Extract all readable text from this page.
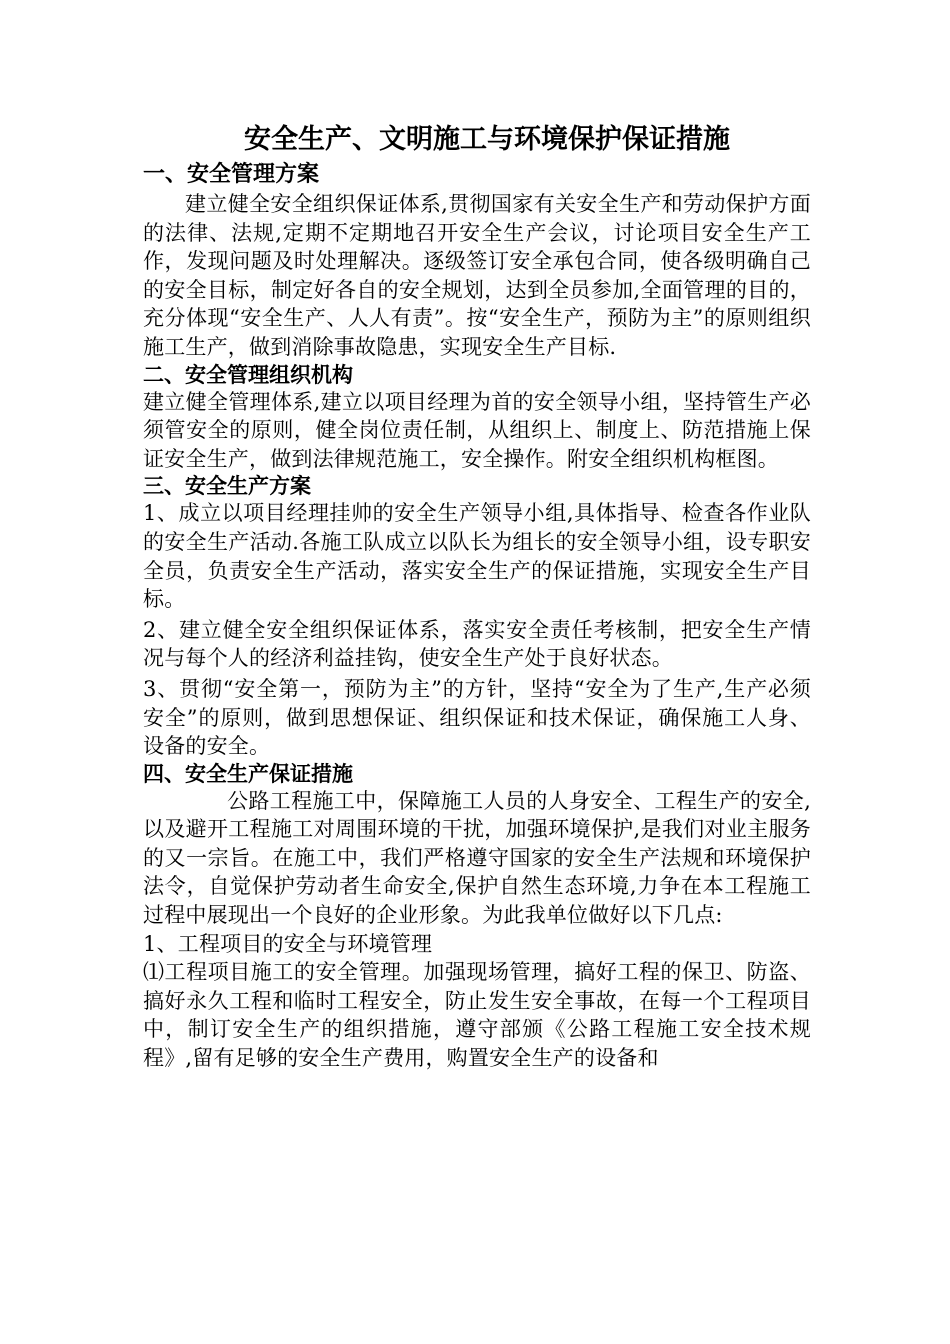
安全生产、文明施工与环境保护保证措施
一、安全管理方案

建立健全安全组织保证体系,贯彻国家有关安全生产和劳动保护方面的法律、法规,定期不定期地召开安全生产会议，讨论项目安全生产工作，发现问题及时处理解决。逐级签订安全承包合同，使各级明确自己的安全目标，制定好各自的安全规划，达到全员参加,全面管理的目的，充分体现“安全生产、人人有责”。按“安全生产，预防为主”的原则组织施工生产，做到消除事故隐患，实现安全生产目标.

二、安全管理组织机构

建立健全管理体系,建立以项目经理为首的安全领导小组，坚持管生产必须管安全的原则，健全岗位责任制，从组织上、制度上、防范措施上保证安全生产，做到法律规范施工，安全操作。附安全组织机构框图。

三、安全生产方案

1、成立以项目经理挂帅的安全生产领导小组,具体指导、检查各作业队的安全生产活动.各施工队成立以队长为组长的安全领导小组，设专职安全员，负责安全生产活动，落实安全生产的保证措施，实现安全生产目标。

2、建立健全安全组织保证体系，落实安全责任考核制，把安全生产情况与每个人的经济利益挂钩，使安全生产处于良好状态。

3、贯彻“安全第一，预防为主”的方针，坚持“安全为了生产,生产必须安全”的原则，做到思想保证、组织保证和技术保证，确保施工人身、设备的安全。

四、安全生产保证措施

公路工程施工中，保障施工人员的人身安全、工程生产的安全,以及避开工程施工对周围环境的干扰，加强环境保护,是我们对业主服务的又一宗旨。在施工中，我们严格遵守国家的安全生产法规和环境保护法令，自觉保护劳动者生命安全,保护自然生态环境,力争在本工程施工过程中展现出一个良好的企业形象。为此我单位做好以下几点:

1、工程项目的安全与环境管理

⑴工程项目施工的安全管理。加强现场管理，搞好工程的保卫、防盗、搞好永久工程和临时工程安全，防止发生安全事故，在每一个工程项目中，制订安全生产的组织措施，遵守部颁《公路工程施工安全技术规程》,留有足够的安全生产费用，购置安全生产的设备和
